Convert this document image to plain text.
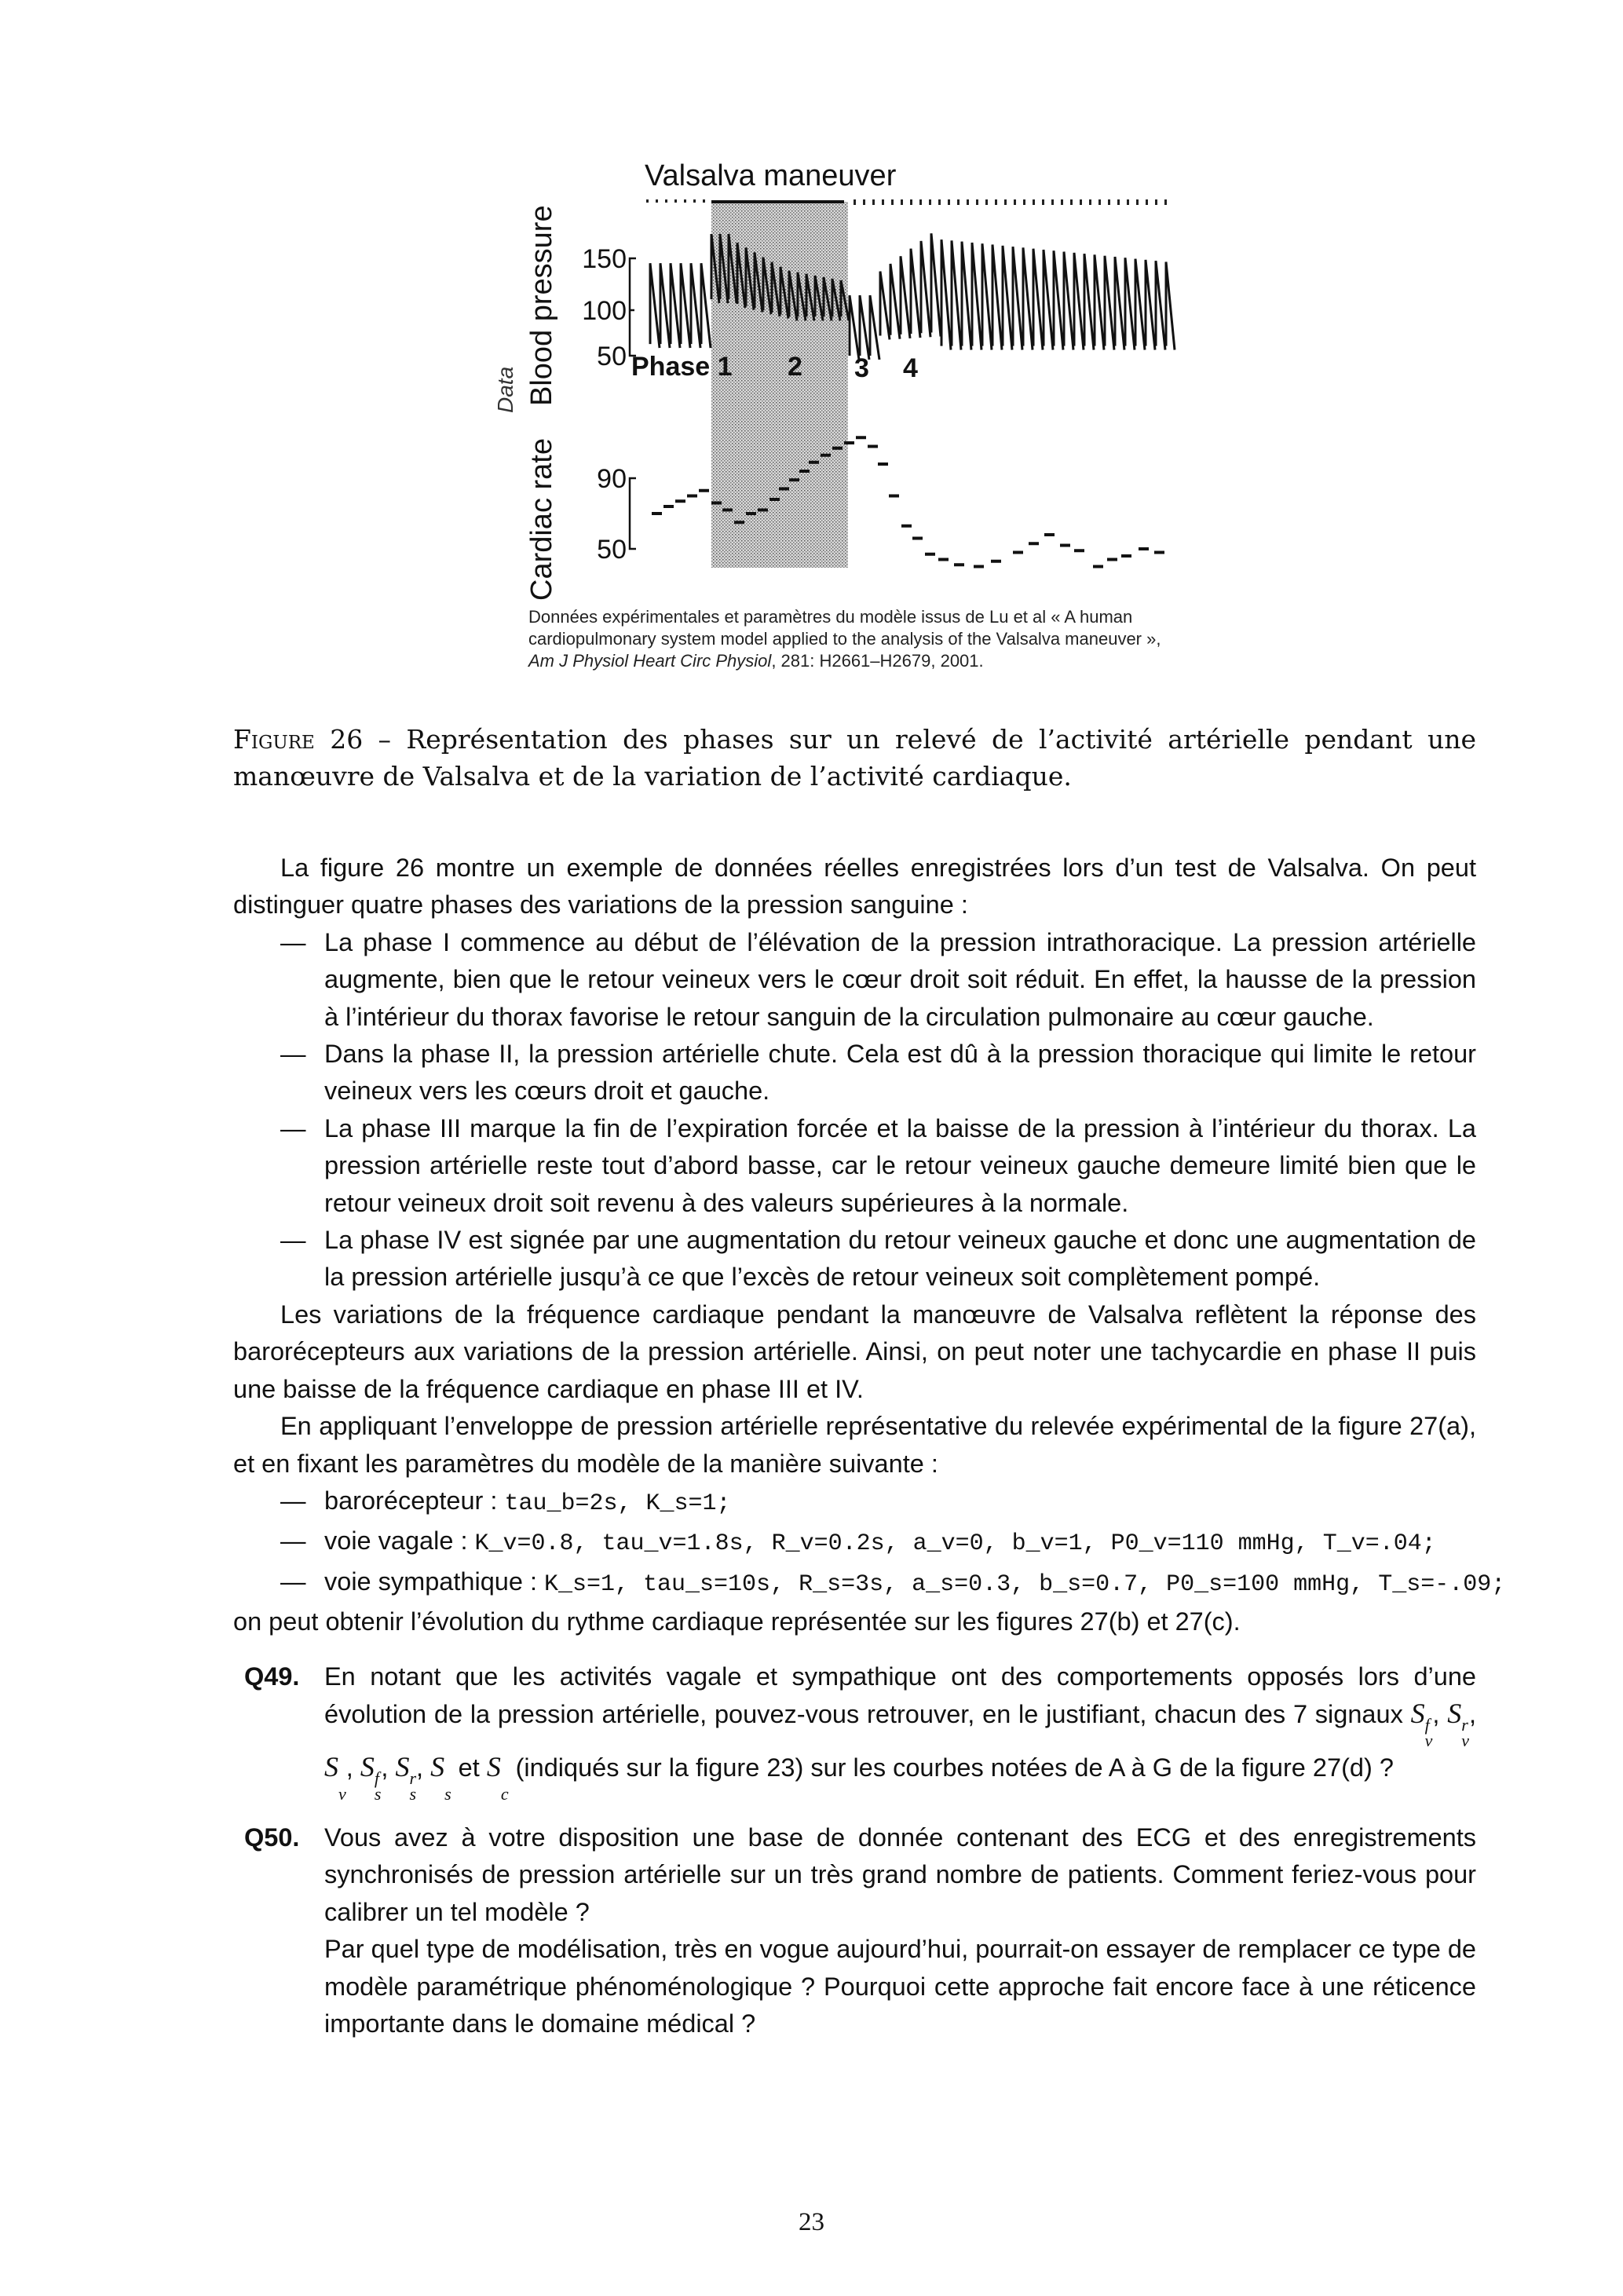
Valsalva maneuver
Data Blood pressure
Cardiac rate
150
100
50
90
50
Phase 1 2 3 4
Données expérimentales et paramètres du modèle issus de Lu et al « A human cardiopulmonary system model applied to the analysis of the Valsalva maneuver », Am J Physiol Heart Circ Physiol, 281: H2661–H2679, 2001.
Figure 26 – Représentation des phases sur un relevé de l’activité artérielle pendant une manœuvre de Valsalva et de la variation de l’activité cardiaque.

La figure 26 montre un exemple de données réelles enregistrées lors d’un test de Valsalva. On peut distinguer quatre phases des variations de la pression sanguine :

— La phase I commence au début de l’élévation de la pression intrathoracique. La pression artérielle augmente, bien que le retour veineux vers le cœur droit soit réduit. En effet, la hausse de la pression à l’intérieur du thorax favorise le retour sanguin de la circulation pulmonaire au cœur gauche.

— Dans la phase II, la pression artérielle chute. Cela est dû à la pression thoracique qui limite le retour veineux vers les cœurs droit et gauche.

— La phase III marque la fin de l’expiration forcée et la baisse de la pression à l’intérieur du thorax. La pression artérielle reste tout d’abord basse, car le retour veineux gauche demeure limité bien que le retour veineux droit soit revenu à des valeurs supérieures à la normale.

— La phase IV est signée par une augmentation du retour veineux gauche et donc une augmentation de la pression artérielle jusqu’à ce que l’excès de retour veineux soit complètement pompé.

Les variations de la fréquence cardiaque pendant la manœuvre de Valsalva reflètent la réponse des barorécepteurs aux variations de la pression artérielle. Ainsi, on peut noter une tachycardie en phase II puis une baisse de la fréquence cardiaque en phase III et IV.

En appliquant l’enveloppe de pression artérielle représentative du relevée expérimental de la figure 27(a), et en fixant les paramètres du modèle de la manière suivante :

— barorécepteur : tau_b=2s, K_s=1;

— voie vagale : K_v=0.8, tau_v=1.8s, R_v=0.2s, a_v=0, b_v=1, P0_v=110 mmHg, T_v=.04;

— voie sympathique : K_s=1, tau_s=10s, R_s=3s, a_s=0.3, b_s=0.7, P0_s=100 mmHg, T_s=-.09;

on peut obtenir l’évolution du rythme cardiaque représentée sur les figures 27(b) et 27(c).

Q49. En notant que les activités vagale et sympathique ont des comportements opposés lors d’une évolution de la pression artérielle, pouvez-vous retrouver, en le justifiant, chacun des 7 signaux S f
v
, S r
v
, S

v
, S f
s
, S r
s
, S

s
et S

c
(indiqués sur la figure 23) sur les courbes notées de A à G de la figure 27(d) ?

Q50. Vous avez à votre disposition une base de donnée contenant des ECG et des enregistrements synchronisés de pression artérielle sur un très grand nombre de patients. Comment feriez-vous pour calibrer un tel modèle ?
Par quel type de modélisation, très en vogue aujourd’hui, pourrait-on essayer de remplacer ce type de modèle paramétrique phénoménologique ? Pourquoi cette approche fait encore face à une réticence importante dans le domaine médical ?

23
